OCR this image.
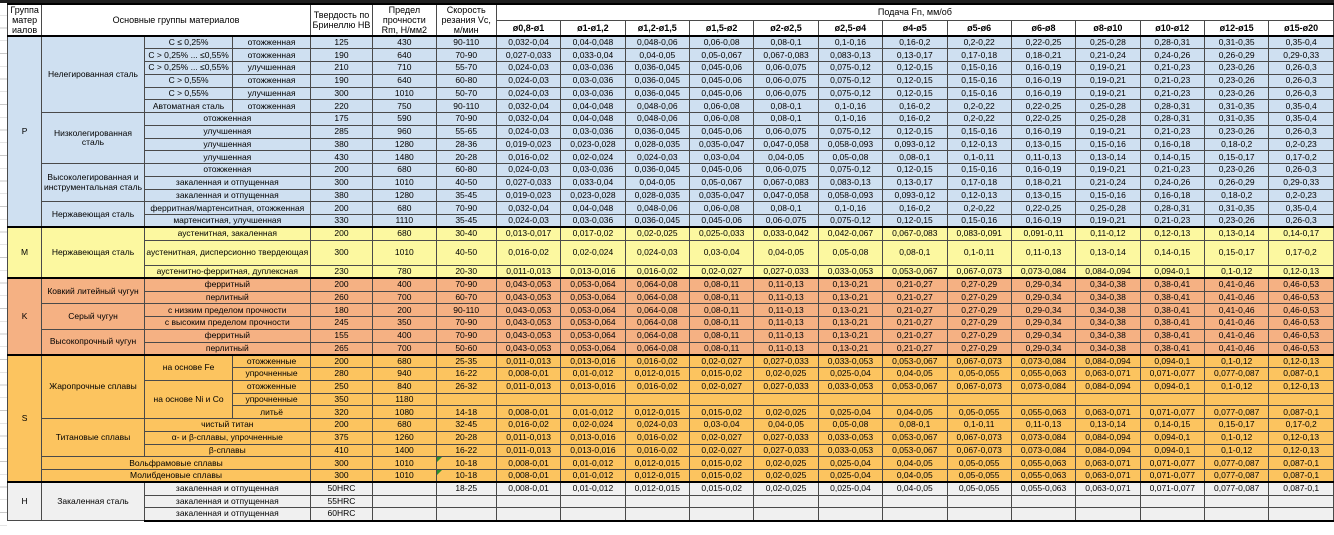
Группа матер иалов	Основные группы материалов			Твердость по Бринеллю HB	Предел прочности Rm, Н/мм2	Скорость резания Vc, м/мин	Подача Fn, мм/об												
							ø0,8-ø1	ø1-ø1,2	ø1,2-ø1,5	ø1,5-ø2	ø2-ø2,5	ø2,5-ø4	ø4-ø5	ø5-ø6	ø6-ø8	ø8-ø10	ø10-ø12	ø12-ø15	ø15-ø20
P	Нелегированная сталь	C ≤ 0,25%	отожженная	125	430	90-110	0,032-0,04	0,04-0,048	0,048-0,06	0,06-0,08	0,08-0,1	0,1-0,16	0,16-0,2	0,2-0,22	0,22-0,25	0,25-0,28	0,28-0,31	0,31-0,35	0,35-0,4
		C > 0,25% ... ≤0,55%	отожженная	190	640	70-90	0,027-0,033	0,033-0,04	0,04-0,05	0,05-0,067	0,067-0,083	0,083-0,13	0,13-0,17	0,17-0,18	0,18-0,21	0,21-0,24	0,24-0,26	0,26-0,29	0,29-0,33
		C > 0,25% ... ≤0,55%	улучшенная	210	710	55-70	0,024-0,03	0,03-0,036	0,036-0,045	0,045-0,06	0,06-0,075	0,075-0,12	0,12-0,15	0,15-0,16	0,16-0,19	0,19-0,21	0,21-0,23	0,23-0,26	0,26-0,3
		C > 0,55%	отожженная	190	640	60-80	0,024-0,03	0,03-0,036	0,036-0,045	0,045-0,06	0,06-0,075	0,075-0,12	0,12-0,15	0,15-0,16	0,16-0,19	0,19-0,21	0,21-0,23	0,23-0,26	0,26-0,3
		C > 0,55%	улучшенная	300	1010	50-70	0,024-0,03	0,03-0,036	0,036-0,045	0,045-0,06	0,06-0,075	0,075-0,12	0,12-0,15	0,15-0,16	0,16-0,19	0,19-0,21	0,21-0,23	0,23-0,26	0,26-0,3
		Автоматная сталь	отожженная	220	750	90-110	0,032-0,04	0,04-0,048	0,048-0,06	0,06-0,08	0,08-0,1	0,1-0,16	0,16-0,2	0,2-0,22	0,22-0,25	0,25-0,28	0,28-0,31	0,31-0,35	0,35-0,4
	Низколегированная сталь	отожженная		175	590	70-90	0,032-0,04	0,04-0,048	0,048-0,06	0,06-0,08	0,08-0,1	0,1-0,16	0,16-0,2	0,2-0,22	0,22-0,25	0,25-0,28	0,28-0,31	0,31-0,35	0,35-0,4
		улучшенная		285	960	55-65	0,024-0,03	0,03-0,036	0,036-0,045	0,045-0,06	0,06-0,075	0,075-0,12	0,12-0,15	0,15-0,16	0,16-0,19	0,19-0,21	0,21-0,23	0,23-0,26	0,26-0,3
		улучшенная		380	1280	28-36	0,019-0,023	0,023-0,028	0,028-0,035	0,035-0,047	0,047-0,058	0,058-0,093	0,093-0,12	0,12-0,13	0,13-0,15	0,15-0,16	0,16-0,18	0,18-0,2	0,2-0,23
		улучшенная		430	1480	20-28	0,016-0,02	0,02-0,024	0,024-0,03	0,03-0,04	0,04-0,05	0,05-0,08	0,08-0,1	0,1-0,11	0,11-0,13	0,13-0,14	0,14-0,15	0,15-0,17	0,17-0,2
	Высоколегированная и инструментальная сталь	отожженная		200	680	60-80	0,024-0,03	0,03-0,036	0,036-0,045	0,045-0,06	0,06-0,075	0,075-0,12	0,12-0,15	0,15-0,16	0,16-0,19	0,19-0,21	0,21-0,23	0,23-0,26	0,26-0,3
		закаленная и отпущенная		300	1010	40-50	0,027-0,033	0,033-0,04	0,04-0,05	0,05-0,067	0,067-0,083	0,083-0,13	0,13-0,17	0,17-0,18	0,18-0,21	0,21-0,24	0,24-0,26	0,26-0,29	0,29-0,33
		закаленная и отпущенная		380	1280	35-45	0,019-0,023	0,023-0,028	0,028-0,035	0,035-0,047	0,047-0,058	0,058-0,093	0,093-0,12	0,12-0,13	0,13-0,15	0,15-0,16	0,16-0,18	0,18-0,2	0,2-0,23
	Нержавеющая сталь	ферритная/мартенситная, отожженная		200	680	70-90	0,032-0,04	0,04-0,048	0,048-0,06	0,06-0,08	0,08-0,1	0,1-0,16	0,16-0,2	0,2-0,22	0,22-0,25	0,25-0,28	0,28-0,31	0,31-0,35	0,35-0,4
		мартенситная, улучшенная		330	1110	35-45	0,024-0,03	0,03-0,036	0,036-0,045	0,045-0,06	0,06-0,075	0,075-0,12	0,12-0,15	0,15-0,16	0,16-0,19	0,19-0,21	0,21-0,23	0,23-0,26	0,26-0,3
M	Нержавеющая сталь	аустенитная, закаленная		200	680	30-40	0,013-0,017	0,017-0,02	0,02-0,025	0,025-0,033	0,033-0,042	0,042-0,067	0,067-0,083	0,083-0,091	0,091-0,11	0,11-0,12	0,12-0,13	0,13-0,14	0,14-0,17
		аустенитная, дисперсионно твердеющая		300	1010	40-50	0,016-0,02	0,02-0,024	0,024-0,03	0,03-0,04	0,04-0,05	0,05-0,08	0,08-0,1	0,1-0,11	0,11-0,13	0,13-0,14	0,14-0,15	0,15-0,17	0,17-0,2
		аустенитно-ферритная, дуплексная		230	780	20-30	0,011-0,013	0,013-0,016	0,016-0,02	0,02-0,027	0,027-0,033	0,033-0,053	0,053-0,067	0,067-0,073	0,073-0,084	0,084-0,094	0,094-0,1	0,1-0,12	0,12-0,13
K	Ковкий литейный чугун	ферритный		200	400	70-90	0,043-0,053	0,053-0,064	0,064-0,08	0,08-0,11	0,11-0,13	0,13-0,21	0,21-0,27	0,27-0,29	0,29-0,34	0,34-0,38	0,38-0,41	0,41-0,46	0,46-0,53
		перлитный		260	700	60-70	0,043-0,053	0,053-0,064	0,064-0,08	0,08-0,11	0,11-0,13	0,13-0,21	0,21-0,27	0,27-0,29	0,29-0,34	0,34-0,38	0,38-0,41	0,41-0,46	0,46-0,53
	Серый чугун	с низким пределом прочности		180	200	90-110	0,043-0,053	0,053-0,064	0,064-0,08	0,08-0,11	0,11-0,13	0,13-0,21	0,21-0,27	0,27-0,29	0,29-0,34	0,34-0,38	0,38-0,41	0,41-0,46	0,46-0,53
		с высоким пределом прочности		245	350	70-90	0,043-0,053	0,053-0,064	0,064-0,08	0,08-0,11	0,11-0,13	0,13-0,21	0,21-0,27	0,27-0,29	0,29-0,34	0,34-0,38	0,38-0,41	0,41-0,46	0,46-0,53
	Высокопрочный чугун	ферритный		155	400	70-90	0,043-0,053	0,053-0,064	0,064-0,08	0,08-0,11	0,11-0,13	0,13-0,21	0,21-0,27	0,27-0,29	0,29-0,34	0,34-0,38	0,38-0,41	0,41-0,46	0,46-0,53
		перлитный		265	700	50-60	0,043-0,053	0,053-0,064	0,064-0,08	0,08-0,11	0,11-0,13	0,13-0,21	0,21-0,27	0,27-0,29	0,29-0,34	0,34-0,38	0,38-0,41	0,41-0,46	0,46-0,53
S	Жаропрочные сплавы	на основе Fe	отожженные	200	680	25-35	0,011-0,013	0,013-0,016	0,016-0,02	0,02-0,027	0,027-0,033	0,033-0,053	0,053-0,067	0,067-0,073	0,073-0,084	0,084-0,094	0,094-0,1	0,1-0,12	0,12-0,13
			упрочненные	280	940	16-22	0,008-0,01	0,01-0,012	0,012-0,015	0,015-0,02	0,02-0,025	0,025-0,04	0,04-0,05	0,05-0,055	0,055-0,063	0,063-0,071	0,071-0,077	0,077-0,087	0,087-0,1
		на основе Ni и Co	отожженные	250	840	26-32	0,011-0,013	0,013-0,016	0,016-0,02	0,02-0,027	0,027-0,033	0,033-0,053	0,053-0,067	0,067-0,073	0,073-0,084	0,084-0,094	0,094-0,1	0,1-0,12	0,12-0,13
			упрочненные	350	1180														
			литьё	320	1080	14-18	0,008-0,01	0,01-0,012	0,012-0,015	0,015-0,02	0,02-0,025	0,025-0,04	0,04-0,05	0,05-0,055	0,055-0,063	0,063-0,071	0,071-0,077	0,077-0,087	0,087-0,1
	Титановые сплавы	чистый титан		200	680	32-45	0,016-0,02	0,02-0,024	0,024-0,03	0,03-0,04	0,04-0,05	0,05-0,08	0,08-0,1	0,1-0,11	0,11-0,13	0,13-0,14	0,14-0,15	0,15-0,17	0,17-0,2
		α- и β-сплавы, упрочненные		375	1260	20-28	0,011-0,013	0,013-0,016	0,016-0,02	0,02-0,027	0,027-0,033	0,033-0,053	0,053-0,067	0,067-0,073	0,073-0,084	0,084-0,094	0,094-0,1	0,1-0,12	0,12-0,13
		β-сплавы		410	1400	16-22	0,011-0,013	0,013-0,016	0,016-0,02	0,02-0,027	0,027-0,033	0,033-0,053	0,053-0,067	0,067-0,073	0,073-0,084	0,084-0,094	0,094-0,1	0,1-0,12	0,12-0,13
	Вольфрамовые сплавы			300	1010	10-18	0,008-0,01	0,01-0,012	0,012-0,015	0,015-0,02	0,02-0,025	0,025-0,04	0,04-0,05	0,05-0,055	0,055-0,063	0,063-0,071	0,071-0,077	0,077-0,087	0,087-0,1
	Молибденовые сплавы			300	1010	10-18	0,008-0,01	0,01-0,012	0,012-0,015	0,015-0,02	0,02-0,025	0,025-0,04	0,04-0,05	0,05-0,055	0,055-0,063	0,063-0,071	0,071-0,077	0,077-0,087	0,087-0,1
H	Закаленная сталь	закаленная и отпущенная		50HRC		18-25	0,008-0,01	0,01-0,012	0,012-0,015	0,015-0,02	0,02-0,025	0,025-0,04	0,04-0,05	0,05-0,055	0,055-0,063	0,063-0,071	0,071-0,077	0,077-0,087	0,087-0,1
		закаленная и отпущенная		55HRC															
		закаленная и отпущенная		60HRC															
